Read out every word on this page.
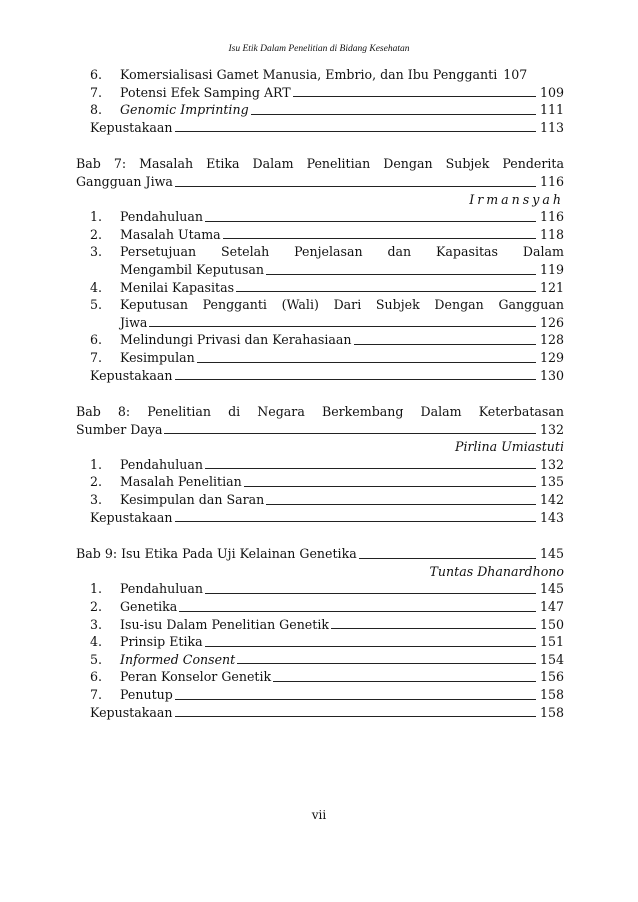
Isu Etik Dalam Penelitian di Bidang Kesehatan
6.	Komersialisasi Gamet Manusia, Embrio, dan Ibu Pengganti 107
7.	Potensi Efek Samping ART	109
8.	Genomic Imprinting	111
Kepustakaan	113
Bab 7: Masalah Etika Dalam Penelitian Dengan Subjek Penderita
Gangguan Jiwa	116
Irmansyah
1.	Pendahuluan	116
2.	Masalah Utama	118
3.	Persetujuan Setelah Penjelasan dan Kapasitas Dalam
Mengambil Keputusan	119
4.	Menilai Kapasitas	121
5.	Keputusan Pengganti (Wali) Dari Subjek Dengan Gangguan
Jiwa	126
6.	Melindungi Privasi dan Kerahasiaan	128
7.	Kesimpulan	129
Kepustakaan	130
Bab 8: Penelitian di Negara Berkembang Dalam Keterbatasan
Sumber Daya	132
Pirlina Umiastuti
1.	Pendahuluan	132
2.	Masalah Penelitian	135
3.	Kesimpulan dan Saran	142
Kepustakaan	143
Bab 9: Isu Etika Pada Uji Kelainan Genetika	145
Tuntas Dhanardhono
1.	Pendahuluan	145
2.	Genetika	147
3.	Isu-isu Dalam Penelitian Genetik	150
4.	Prinsip Etika	151
5.	Informed Consent	154
6.	Peran Konselor Genetik	156
7.	Penutup	158
Kepustakaan	158
vii
